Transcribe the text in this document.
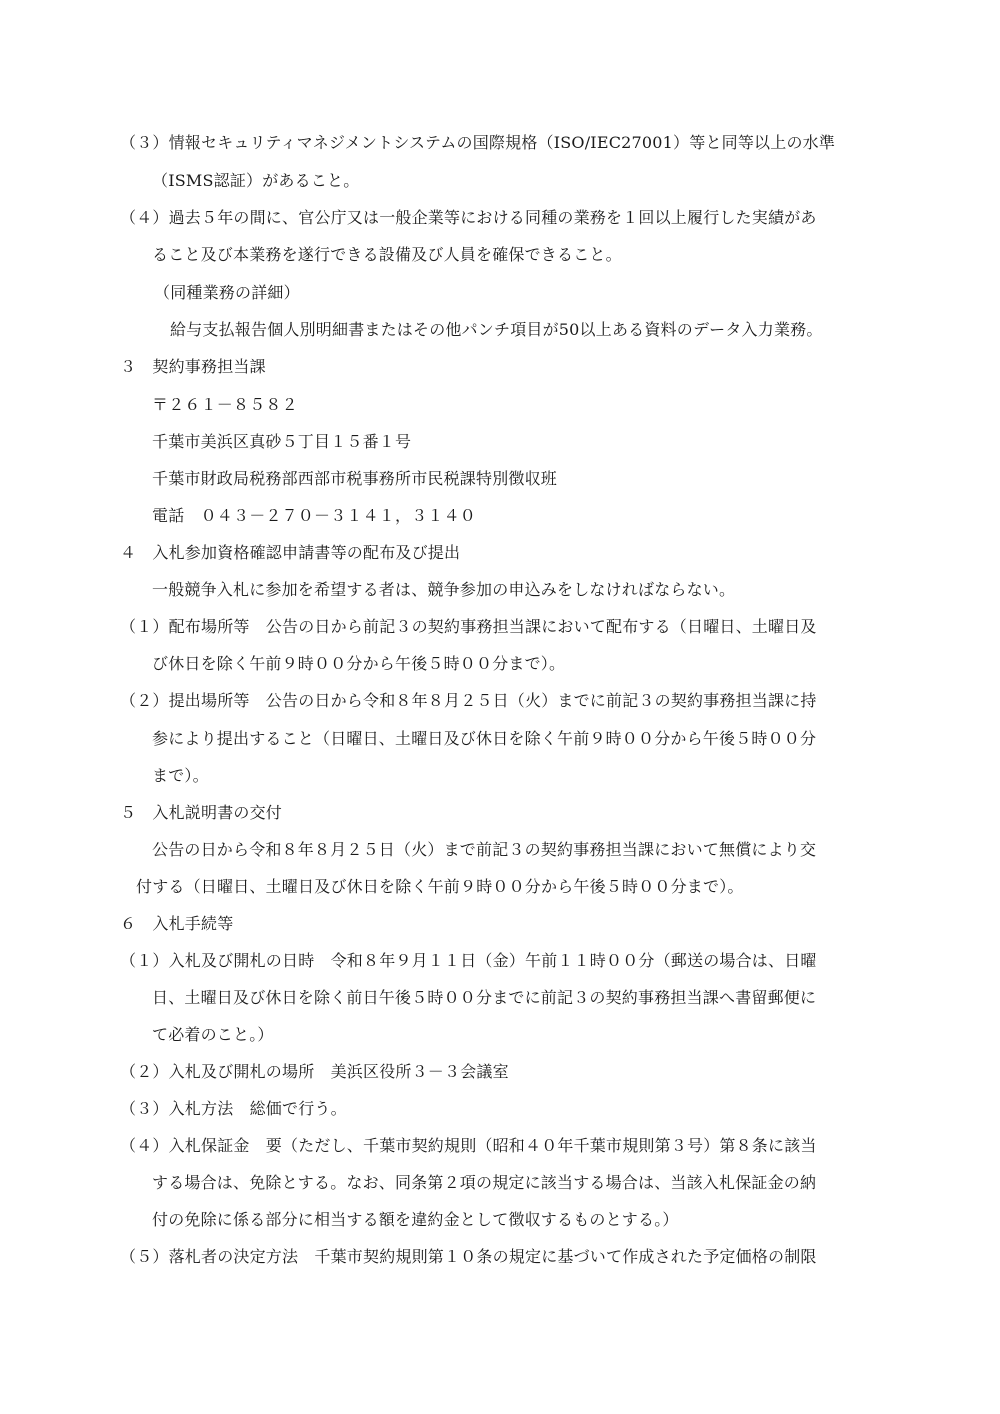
（３）情報セキュリティマネジメントシステムの国際規格（ISO/IEC27001）等と同等以上の水準
（ISMS認証）があること。
（４）過去５年の間に、官公庁又は一般企業等における同種の業務を１回以上履行した実績があ
ること及び本業務を遂行できる設備及び人員を確保できること。
（同種業務の詳細）
給与支払報告個人別明細書またはその他パンチ項目が50以上ある資料のデータ入力業務。
３　契約事務担当課
〒２６１－８５８２
千葉市美浜区真砂５丁目１５番１号
千葉市財政局税務部西部市税事務所市民税課特別徴収班
電話　０４３－２７０－３１４１，３１４０
４　入札参加資格確認申請書等の配布及び提出
一般競争入札に参加を希望する者は、競争参加の申込みをしなければならない。
（１）配布場所等　公告の日から前記３の契約事務担当課において配布する（日曜日、土曜日及
び休日を除く午前９時００分から午後５時００分まで）。
（２）提出場所等　公告の日から令和８年８月２５日（火）までに前記３の契約事務担当課に持
参により提出すること（日曜日、土曜日及び休日を除く午前９時００分から午後５時００分
まで）。
５　入札説明書の交付
公告の日から令和８年８月２５日（火）まで前記３の契約事務担当課において無償により交
付する（日曜日、土曜日及び休日を除く午前９時００分から午後５時００分まで）。
６　入札手続等
（１）入札及び開札の日時　令和８年９月１１日（金）午前１１時００分（郵送の場合は、日曜
日、土曜日及び休日を除く前日午後５時００分までに前記３の契約事務担当課へ書留郵便に
て必着のこと。）
（２）入札及び開札の場所　美浜区役所３－３会議室
（３）入札方法　総価で行う。
（４）入札保証金　要（ただし、千葉市契約規則（昭和４０年千葉市規則第３号）第８条に該当
する場合は、免除とする。なお、同条第２項の規定に該当する場合は、当該入札保証金の納
付の免除に係る部分に相当する額を違約金として徴収するものとする。）
（５）落札者の決定方法　千葉市契約規則第１０条の規定に基づいて作成された予定価格の制限
